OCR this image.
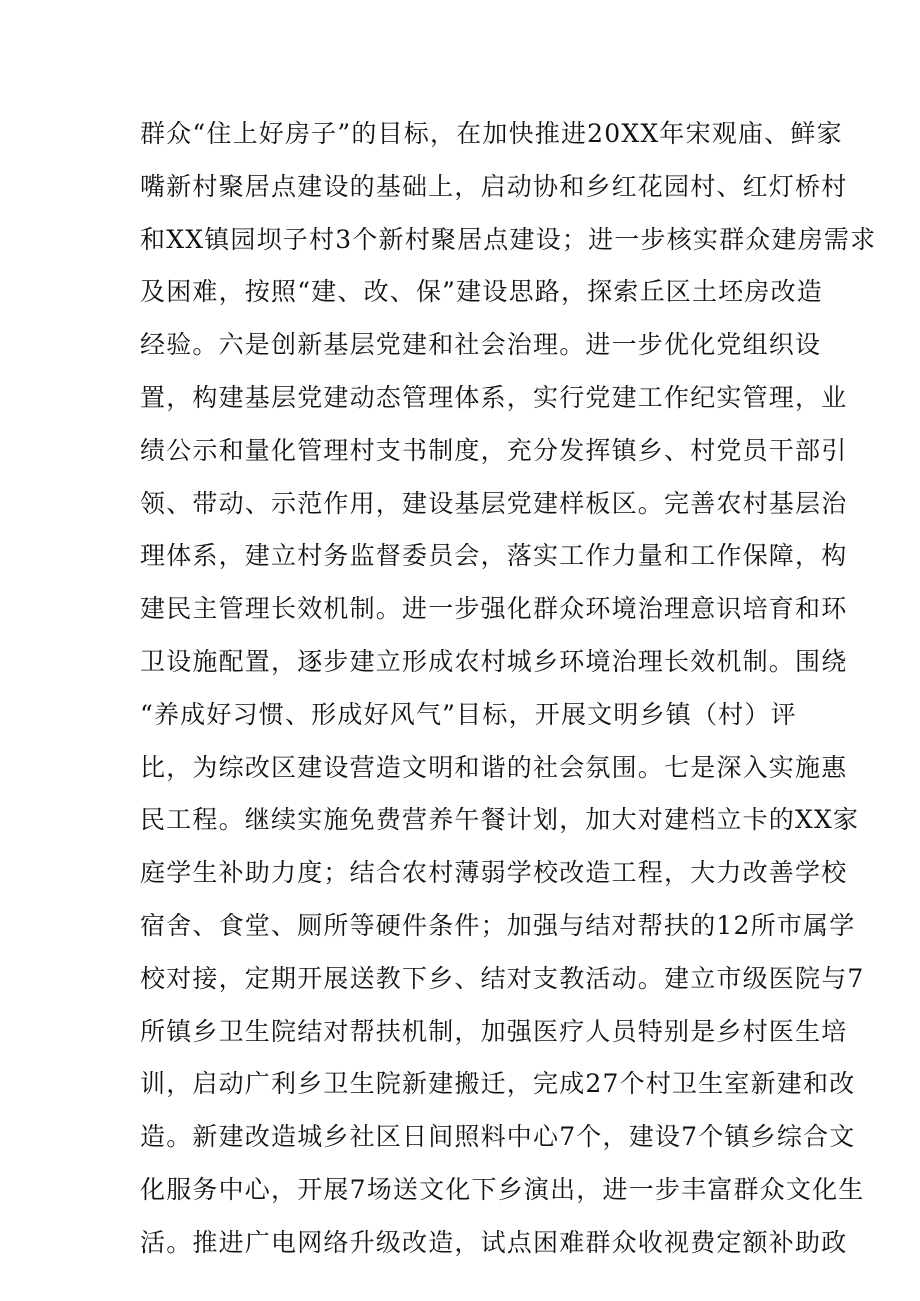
群众“住上好房子”的目标，在加快推进20XX年宋观庙、鲜家
嘴新村聚居点建设的基础上，启动协和乡红花园村、红灯桥村
和XX镇园坝子村3个新村聚居点建设；进一步核实群众建房需求
及困难，按照“建、改、保”建设思路，探索丘区土坯房改造
经验。六是创新基层党建和社会治理。进一步优化党组织设
置，构建基层党建动态管理体系，实行党建工作纪实管理，业
绩公示和量化管理村支书制度，充分发挥镇乡、村党员干部引
领、带动、示范作用，建设基层党建样板区。完善农村基层治
理体系，建立村务监督委员会，落实工作力量和工作保障，构
建民主管理长效机制。进一步强化群众环境治理意识培育和环
卫设施配置，逐步建立形成农村城乡环境治理长效机制。围绕
“养成好习惯、形成好风气”目标，开展文明乡镇（村）评
比，为综改区建设营造文明和谐的社会氛围。七是深入实施惠
民工程。继续实施免费营养午餐计划，加大对建档立卡的XX家
庭学生补助力度；结合农村薄弱学校改造工程，大力改善学校
宿舍、食堂、厕所等硬件条件；加强与结对帮扶的12所市属学
校对接，定期开展送教下乡、结对支教活动。建立市级医院与7
所镇乡卫生院结对帮扶机制，加强医疗人员特别是乡村医生培
训，启动广利乡卫生院新建搬迁，完成27个村卫生室新建和改
造。新建改造城乡社区日间照料中心7个，建设7个镇乡综合文
化服务中心，开展7场送文化下乡演出，进一步丰富群众文化生
活。推进广电网络升级改造，试点困难群众收视费定额补助政
